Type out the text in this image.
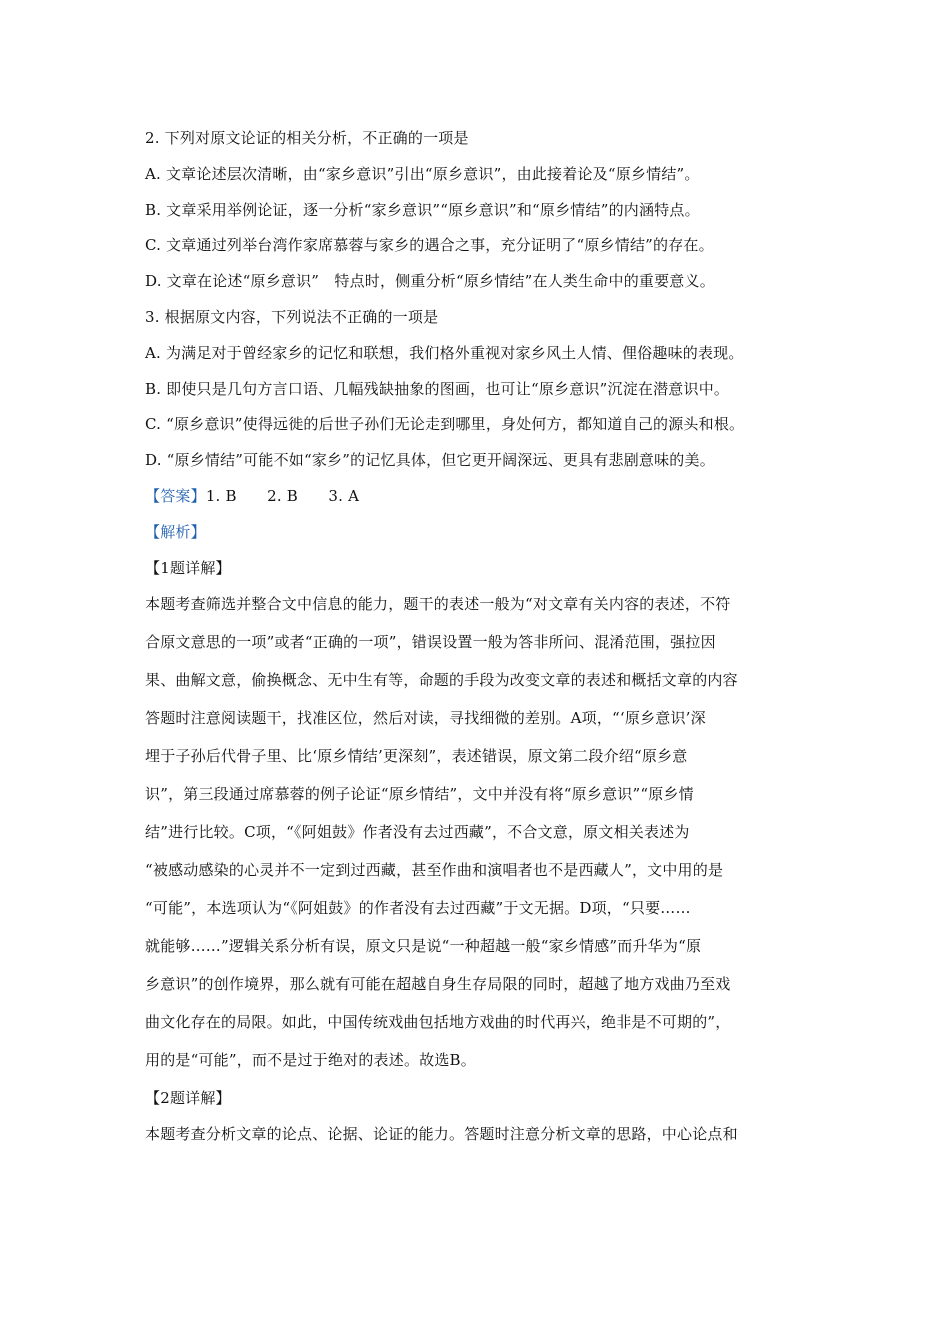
2. 下列对原文论证的相关分析，不正确的一项是
A. 文章论述层次清晰，由“家乡意识”引出“原乡意识”，由此接着论及“原乡情结”。
B. 文章采用举例论证，逐一分析“家乡意识”“原乡意识”和“原乡情结”的内涵特点。
C. 文章通过列举台湾作家席慕蓉与家乡的遇合之事，充分证明了“原乡情结”的存在。
D. 文章在论述“原乡意识”　特点时，侧重分析“原乡情结”在人类生命中的重要意义。
3. 根据原文内容，下列说法不正确的一项是
A. 为满足对于曾经家乡的记忆和联想，我们格外重视对家乡风土人情、俚俗趣味的表现。
B. 即使只是几句方言口语、几幅残缺抽象的图画，也可让“原乡意识”沉淀在潜意识中。
C. “原乡意识”使得远徙的后世子孙们无论走到哪里，身处何方，都知道自己的源头和根。
D. “原乡情结”可能不如“家乡”的记忆具体，但它更开阔深远、更具有悲剧意味的美。
【答案】1. B　　2. B　　3. A
【解析】
【1题详解】
本题考查筛选并整合文中信息的能力，题干的表述一般为“对文章有关内容的表述，不符
合原文意思的一项”或者“正确的一项”，错误设置一般为答非所问、混淆范围，强拉因
果、曲解文意，偷换概念、无中生有等，命题的手段为改变文章的表述和概括文章的内容
答题时注意阅读题干，找准区位，然后对读，寻找细微的差别。A项，“‘原乡意识’深
埋于子孙后代骨子里、比‘原乡情结’更深刻”，表述错误，原文第二段介绍“原乡意
识”，第三段通过席慕蓉的例子论证“原乡情结”，文中并没有将“原乡意识”“原乡情
结”进行比较。C项，“《阿姐鼓》作者没有去过西藏”，不合文意，原文相关表述为
“被感动感染的心灵并不一定到过西藏，甚至作曲和演唱者也不是西藏人”，文中用的是
“可能”，本选项认为“《阿姐鼓》的作者没有去过西藏”于文无据。D项，“只要……
就能够……”逻辑关系分析有误，原文只是说“一种超越一般“家乡情感”而升华为“原
乡意识”的创作境界，那么就有可能在超越自身生存局限的同时，超越了地方戏曲乃至戏
曲文化存在的局限。如此，中国传统戏曲包括地方戏曲的时代再兴，绝非是不可期的”，
用的是“可能”，而不是过于绝对的表述。故选B。
【2题详解】
本题考查分析文章的论点、论据、论证的能力。答题时注意分析文章的思路，中心论点和
